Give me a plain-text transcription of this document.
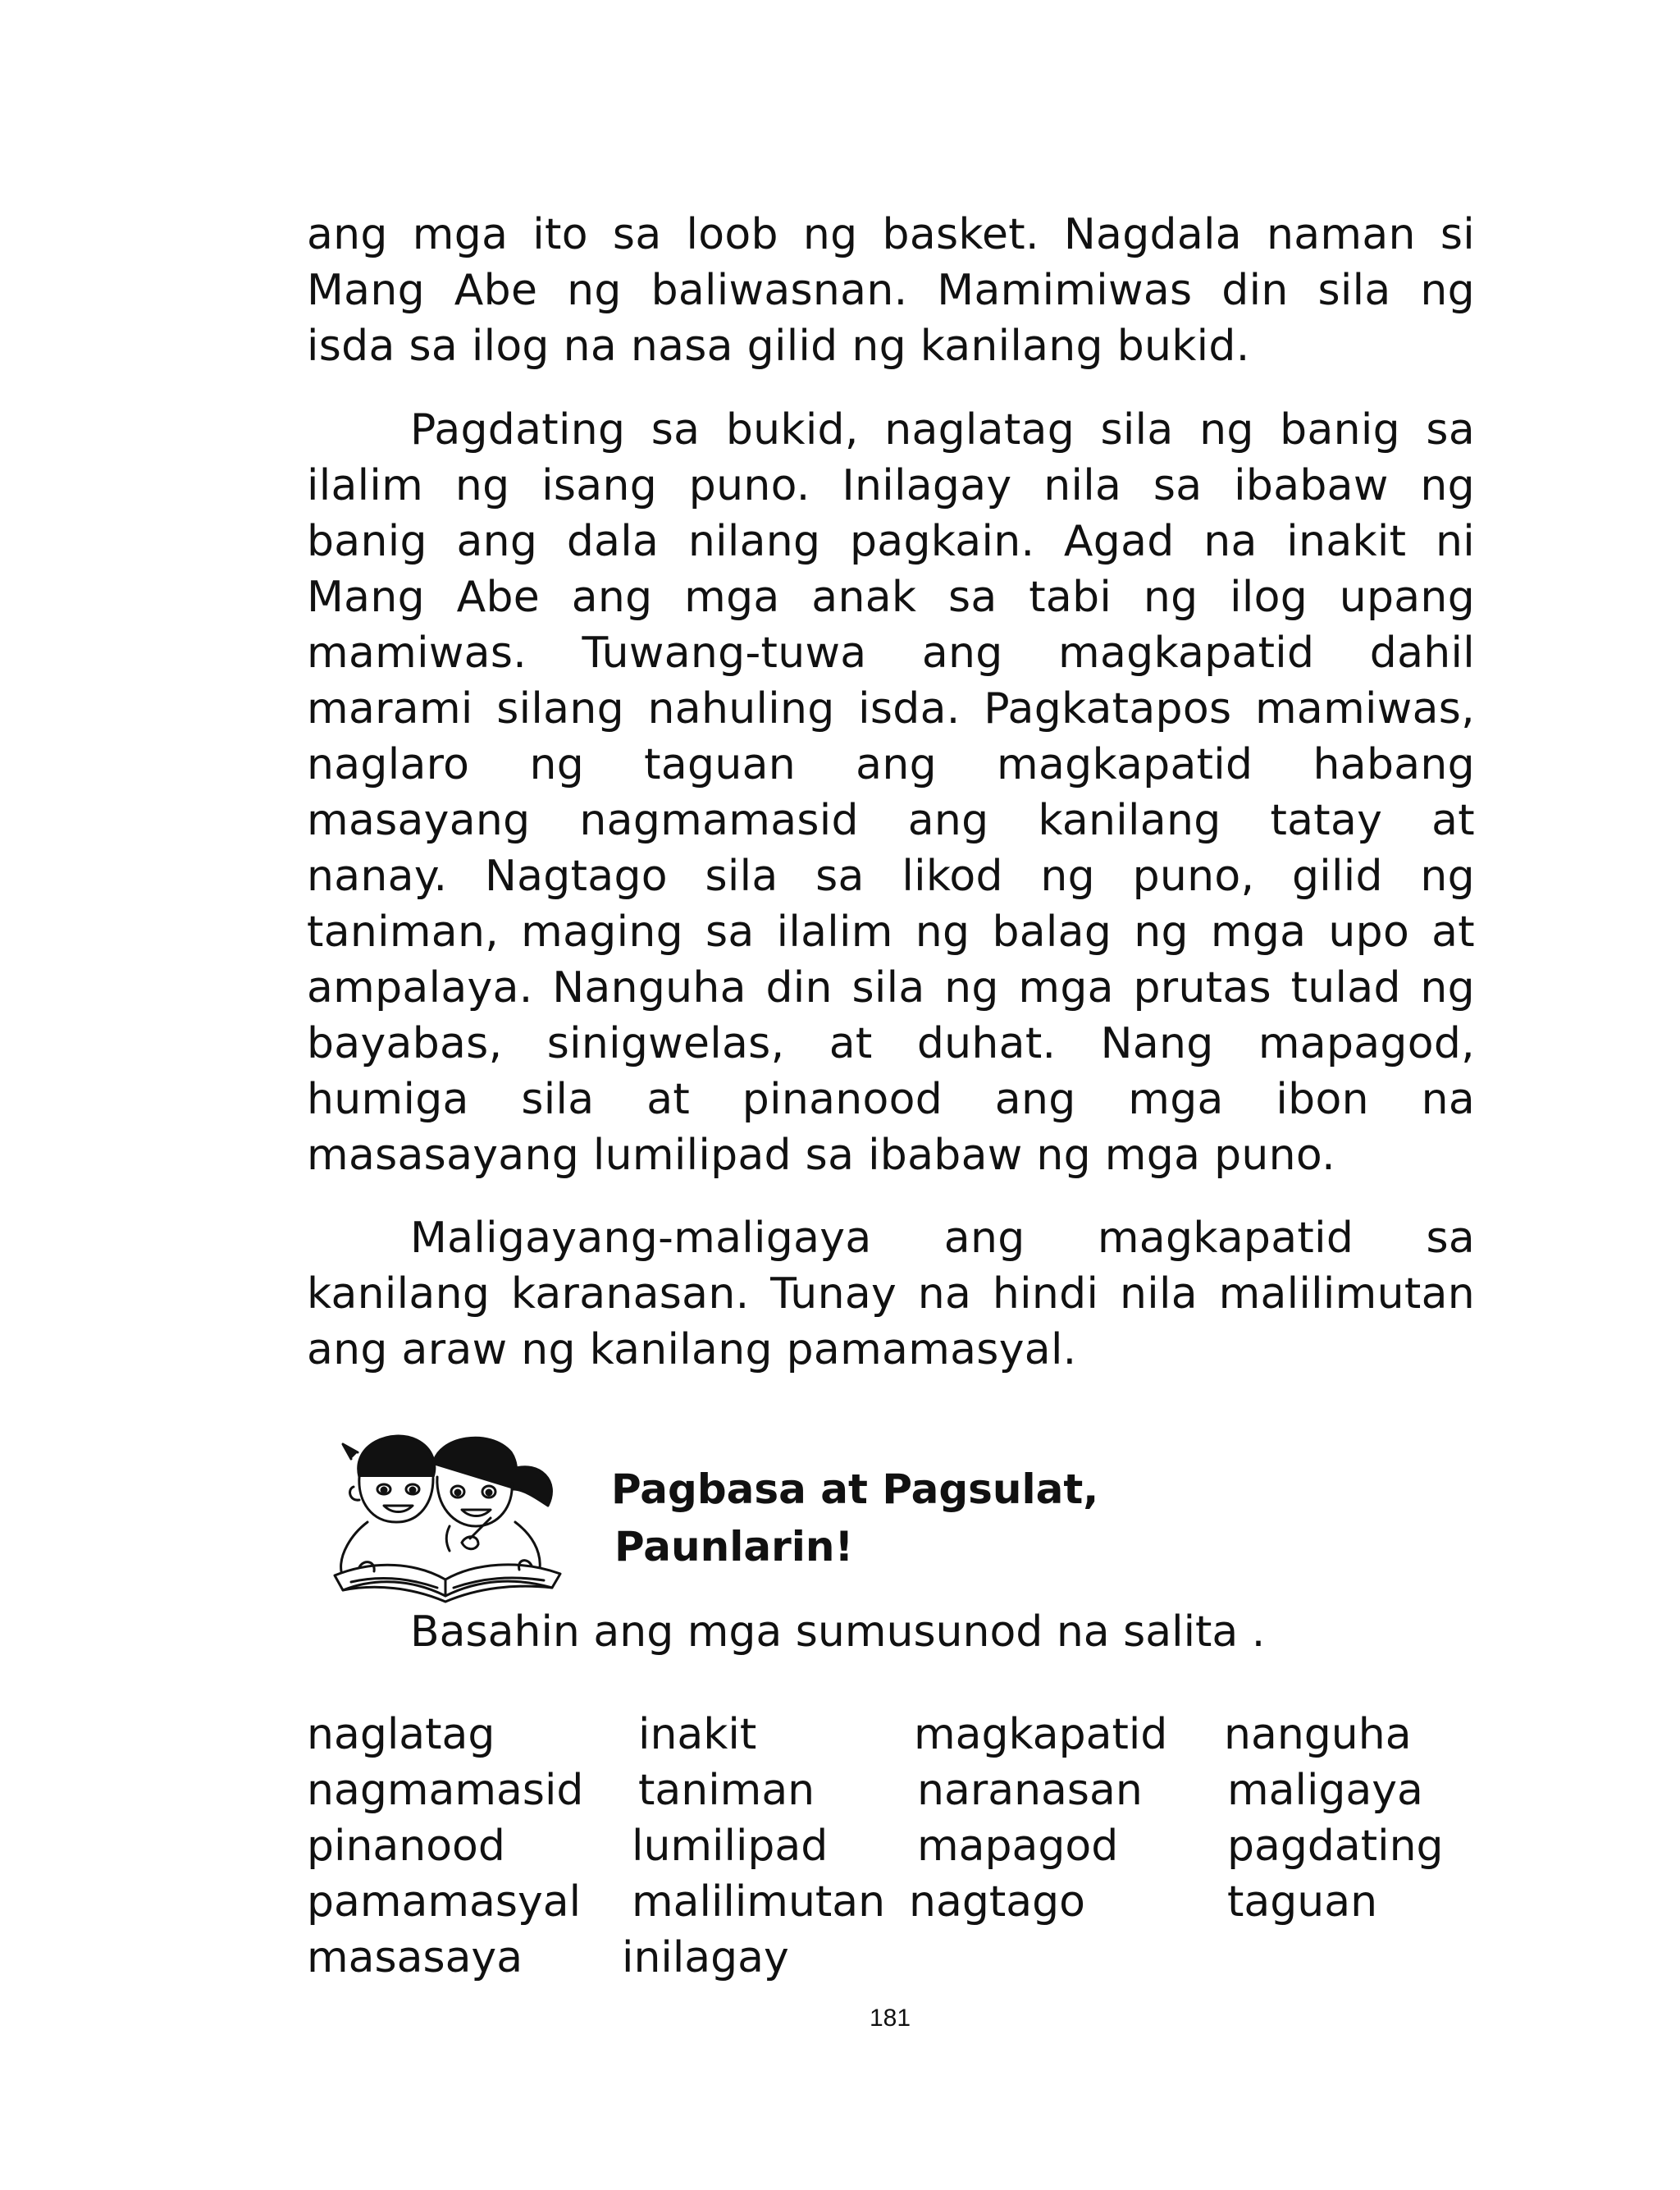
ang mga ito sa loob ng basket. Nagdala naman si
Mang Abe ng baliwasnan. Mamimiwas din sila ng
isda sa ilog na nasa gilid ng kanilang bukid.
Pagdating sa bukid, naglatag sila ng banig sa
ilalim ng isang puno. Inilagay nila sa ibabaw ng
banig ang dala nilang pagkain. Agad na inakit ni
Mang Abe ang mga anak sa tabi ng ilog upang
mamiwas. Tuwang-tuwa ang magkapatid dahil
marami silang nahuling isda. Pagkatapos mamiwas,
naglaro ng taguan ang magkapatid habang
masayang nagmamasid ang kanilang tatay at
nanay. Nagtago sila sa likod ng puno, gilid ng
taniman, maging sa ilalim ng balag ng mga upo at
ampalaya. Nanguha din sila ng mga prutas tulad ng
bayabas, sinigwelas, at duhat. Nang mapagod,
humiga sila at pinanood ang mga ibon na
masasayang lumilipad sa ibabaw ng mga puno.
Maligayang-maligaya ang magkapatid sa
kanilang karanasan. Tunay na hindi nila malilimutan
ang araw ng kanilang pamamasyal.
Pagbasa at Pagsulat,
Paunlarin!
Basahin ang mga sumusunod na salita .
naglatag	inakit	magkapatid nanguha
nagmamasid taniman naranasan maligaya
pinanood	lumilipad mapagod	pagdating
pamamasyal malilimutan nagtago	taguan
masasaya inilagay
181
